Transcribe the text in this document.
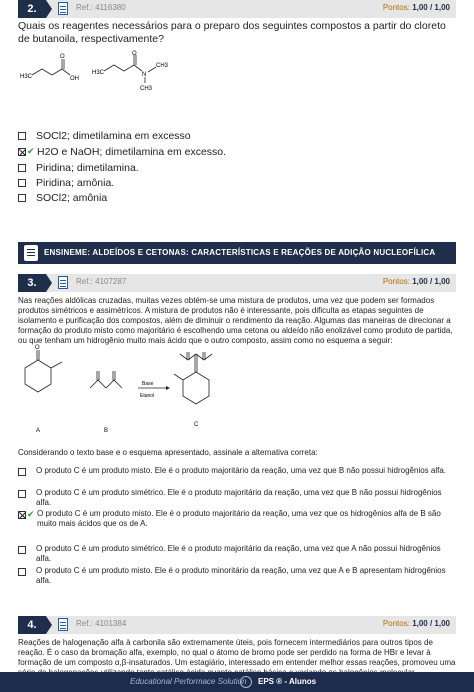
2.	Ref.: 4116380	Pontos: 1,00 / 1,00
Quais os reagentes necessários para o preparo dos seguintes compostos a partir do cloreto de butanoila, respectivamente?
H3C
O
OH
H3C
O
N
CH3
CH3
SOCl2; dimetilamina em excesso
✔ H2O e NaOH; dimetilamina em excesso.
Piridina; dimetilamina.
Piridina; amônia.
SOCl2; amônia
ENSINEME: ALDEÍDOS E CETONAS: CARACTERÍSTICAS E REAÇÕES DE ADIÇÃO NUCLEOFÍLICA
3.	Ref.: 4107287	Pontos: 1,00 / 1,00
Nas reações aldólicas cruzadas, muitas vezes obtém-se uma mistura de produtos, uma vez que podem ser formados produtos simétricos e assimétricos. A mistura de produtos não é interessante, pois dificulta as etapas seguintes de isolamento e purificação dos compostos, além de diminuir o rendimento da reação. Algumas das maneiras de direcionar a formação do produto misto como majoritário é escolhendo uma cetona ou aldeído não enolizável como produto de partida, ou que tenham um hidrogênio muito mais ácido que o outro composto, assim como no esquema a seguir:
O
A	B
Base
Etanol
C
Considerando o texto base e o esquema apresentado, assinale a alternativa correta:
O produto C é um produto misto. Ele é o produto majoritário da reação, uma vez que B não possui hidrogênios alfa.
O produto C é um produto simétrico. Ele é o produto majoritário da reação, uma vez que B não possui hidrogênios alfa.
✔ O produto C é um produto misto. Ele é o produto majoritário da reação, uma vez que os hidrogênios alfa de B são muito mais ácidos que os de A.
O produto C é um produto simétrico. Ele é o produto majoritário da reação, uma vez que A não possui hidrogênios alfa.
O produto C é um produto misto. Ele é o produto minoritário da reação, uma vez que A e B apresentam hidrogênios alfa.
4.	Ref.: 4101384	Pontos: 1,00 / 1,00
Reações de halogenação alfa à carbonila são extremamente úteis, pois fornecem intermediários para outros tipos de reação. É o caso da bromação alfa, exemplo, no qual o átomo de bromo pode ser perdido na forma de HBr e levar à formação de um composto α,β-insaturados. Um estagiário, interessado em entender melhor essas reações, promoveu uma
Educational Performace Solution EPS ® - Alunos
